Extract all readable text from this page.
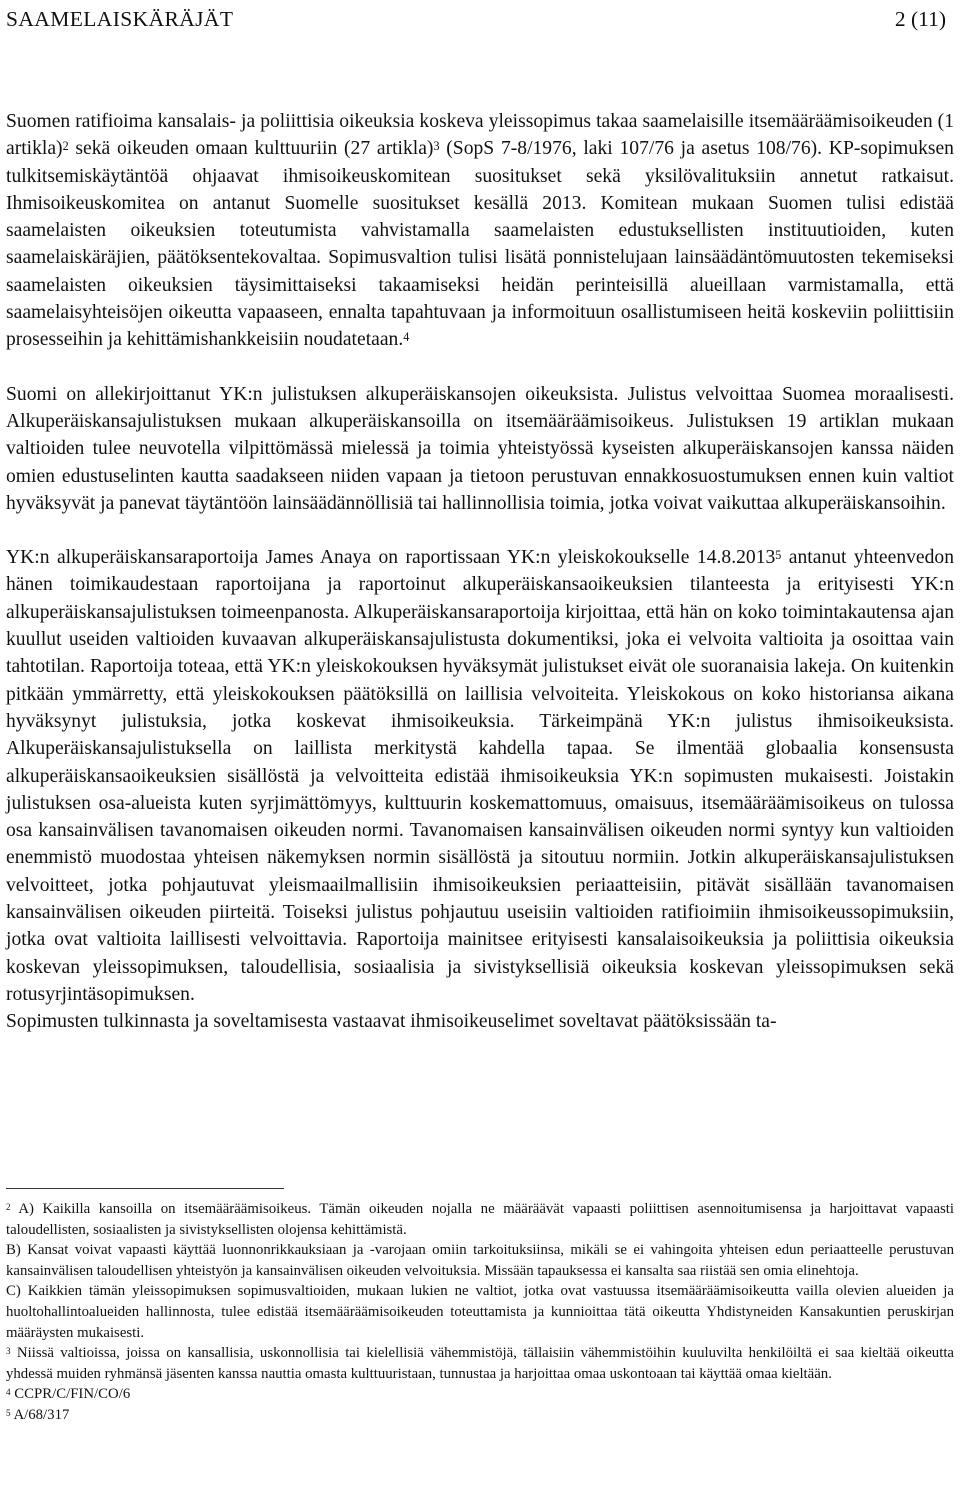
SAAMELAISKÄRÄJÄT	2 (11)

Suomen ratifioima kansalais- ja poliittisia oikeuksia koskeva yleissopimus takaa saamelaisille itsemääräämisoikeuden (1 artikla)$^2$ sekä oikeuden omaan kulttuuriin (27 artikla)$^3$ (SopS 7-8/1976, laki 107/76 ja asetus 108/76). KP-sopimuksen tulkitsemiskäytäntöä ohjaavat ihmisoikeuskomitean suositukset sekä yksilövalituksiin annetut ratkaisut. Ihmisoikeuskomitea on antanut Suomelle suositukset kesällä 2013. Komitean mukaan Suomen tulisi edistää saamelaisten oikeuksien toteutumista vahvistamalla saamelaisten edustuksellisten instituutioiden, kuten saamelaiskäräjien, päätöksentekovaltaa. Sopimusvaltion tulisi lisätä ponnistelujaan lainsäädäntömuutosten tekemiseksi saamelaisten oikeuksien täysimittaiseksi takaamiseksi heidän perinteisillä alueillaan varmistamalla, että saamelaisyhteisöjen oikeutta vapaaseen, ennalta tapahtuvaan ja informoituun osallistumiseen heitä koskeviin poliittisiin prosesseihin ja kehittämishankkeisiin noudatetaan.$^4$

Suomi on allekirjoittanut YK:n julistuksen alkuperäiskansojen oikeuksista. Julistus velvoittaa Suomea moraalisesti. Alkuperäiskansajulistuksen mukaan alkuperäiskansoilla on itsemääräämisoikeus. Julistuksen 19 artiklan mukaan valtioiden tulee neuvotella vilpittömässä mielessä ja toimia yhteistyössä kyseisten alkuperäiskansojen kanssa näiden omien edustuselinten kautta saadakseen niiden vapaan ja tietoon perustuvan ennakkosuostumuksen ennen kuin valtiot hyväksyvät ja panevat täytäntöön lainsäädännöllisiä tai hallinnollisia toimia, jotka voivat vaikuttaa alkuperäiskansoihin.

YK:n alkuperäiskansaraportoija James Anaya on raportissaan YK:n yleiskokoukselle 14.8.2013$^5$ antanut yhteenvedon hänen toimikaudestaan raportoijana ja raportoinut alkuperäiskansaoikeuksien tilanteesta ja erityisesti YK:n alkuperäiskansajulistuksen toimeenpanosta. Alkuperäiskansaraportoija kirjoittaa, että hän on koko toimintakautensa ajan kuullut useiden valtioiden kuvaavan alkuperäiskansajulistusta dokumentiksi, joka ei velvoita valtioita ja osoittaa vain tahtotilan. Raportoija toteaa, että YK:n yleiskokouksen hyväksymät julistukset eivät ole suoranaisia lakeja. On kuitenkin pitkään ymmärretty, että yleiskokouksen päätöksillä on laillisia velvoiteita. Yleiskokous on koko historiansa aikana hyväksynyt julistuksia, jotka koskevat ihmisoikeuksia. Tärkeimpänä YK:n julistus ihmisoikeuksista. Alkuperäiskansajulistuksella on laillista merkitystä kahdella tapaa. Se ilmentää globaalia konsensusta alkuperäiskansaoikeuksien sisällöstä ja velvoitteita edistää ihmisoikeuksia YK:n sopimusten mukaisesti. Joistakin julistuksen osa-alueista kuten syrjimättömyys, kulttuurin koskemattomuus, omaisuus, itsemääräämisoikeus on tulossa osa kansainvälisen tavanomaisen oikeuden normi. Tavanomaisen kansainvälisen oikeuden normi syntyy kun valtioiden enemmistö muodostaa yhteisen näkemyksen normin sisällöstä ja sitoutuu normiin. Jotkin alkuperäiskansajulistuksen velvoitteet, jotka pohjautuvat yleismaailmallisiin ihmisoikeuksien periaatteisiin, pitävät sisällään tavanomaisen kansainvälisen oikeuden piirteitä. Toiseksi julistus pohjautuu useisiin valtioiden ratifioimiin ihmisoikeussopimuksiin, jotka ovat valtioita laillisesti velvoittavia. Raportoija mainitsee erityisesti kansalaisoikeuksia ja poliittisia oikeuksia koskevan yleissopimuksen, taloudellisia, sosiaalisia ja sivistyksellisiä oikeuksia koskevan yleissopimuksen sekä rotusyrjintäsopimuksen.

Sopimusten tulkinnasta ja soveltamisesta vastaavat ihmisoikeuselimet soveltavat päätöksissään ta-

$^2$ A) Kaikilla kansoilla on itsemääräämisoikeus. Tämän oikeuden nojalla ne määräävät vapaasti poliittisen asennoitumisensa ja harjoittavat vapaasti taloudellisten, sosiaalisten ja sivistyksellisten olojensa kehittämistä.

B) Kansat voivat vapaasti käyttää luonnonrikkauksiaan ja -varojaan omiin tarkoituksiinsa, mikäli se ei vahingoita yhteisen edun periaatteelle perustuvan kansainvälisen taloudellisen yhteistyön ja kansainvälisen oikeuden velvoituksia. Missään tapauksessa ei kansalta saa riistää sen omia elinehtoja.

C) Kaikkien tämän yleissopimuksen sopimusvaltioiden, mukaan lukien ne valtiot, jotka ovat vastuussa itsemääräämisoikeutta vailla olevien alueiden ja huoltohallintoalueiden hallinnosta, tulee edistää itsemääräämisoikeuden toteuttamista ja kunnioittaa tätä oikeutta Yhdistyneiden Kansakuntien peruskirjan määräysten mukaisesti.

$^3$ Niissä valtioissa, joissa on kansallisia, uskonnollisia tai kielellisiä vähemmistöjä, tällaisiin vähemmistöihin kuuluvilta henkilöiltä ei saa kieltää oikeutta yhdessä muiden ryhmänsä jäsenten kanssa nauttia omasta kulttuuristaan, tunnustaa ja harjoittaa omaa uskontoaan tai käyttää omaa kieltään.

$^4$ CCPR/C/FIN/CO/6

$^5$ A/68/317
